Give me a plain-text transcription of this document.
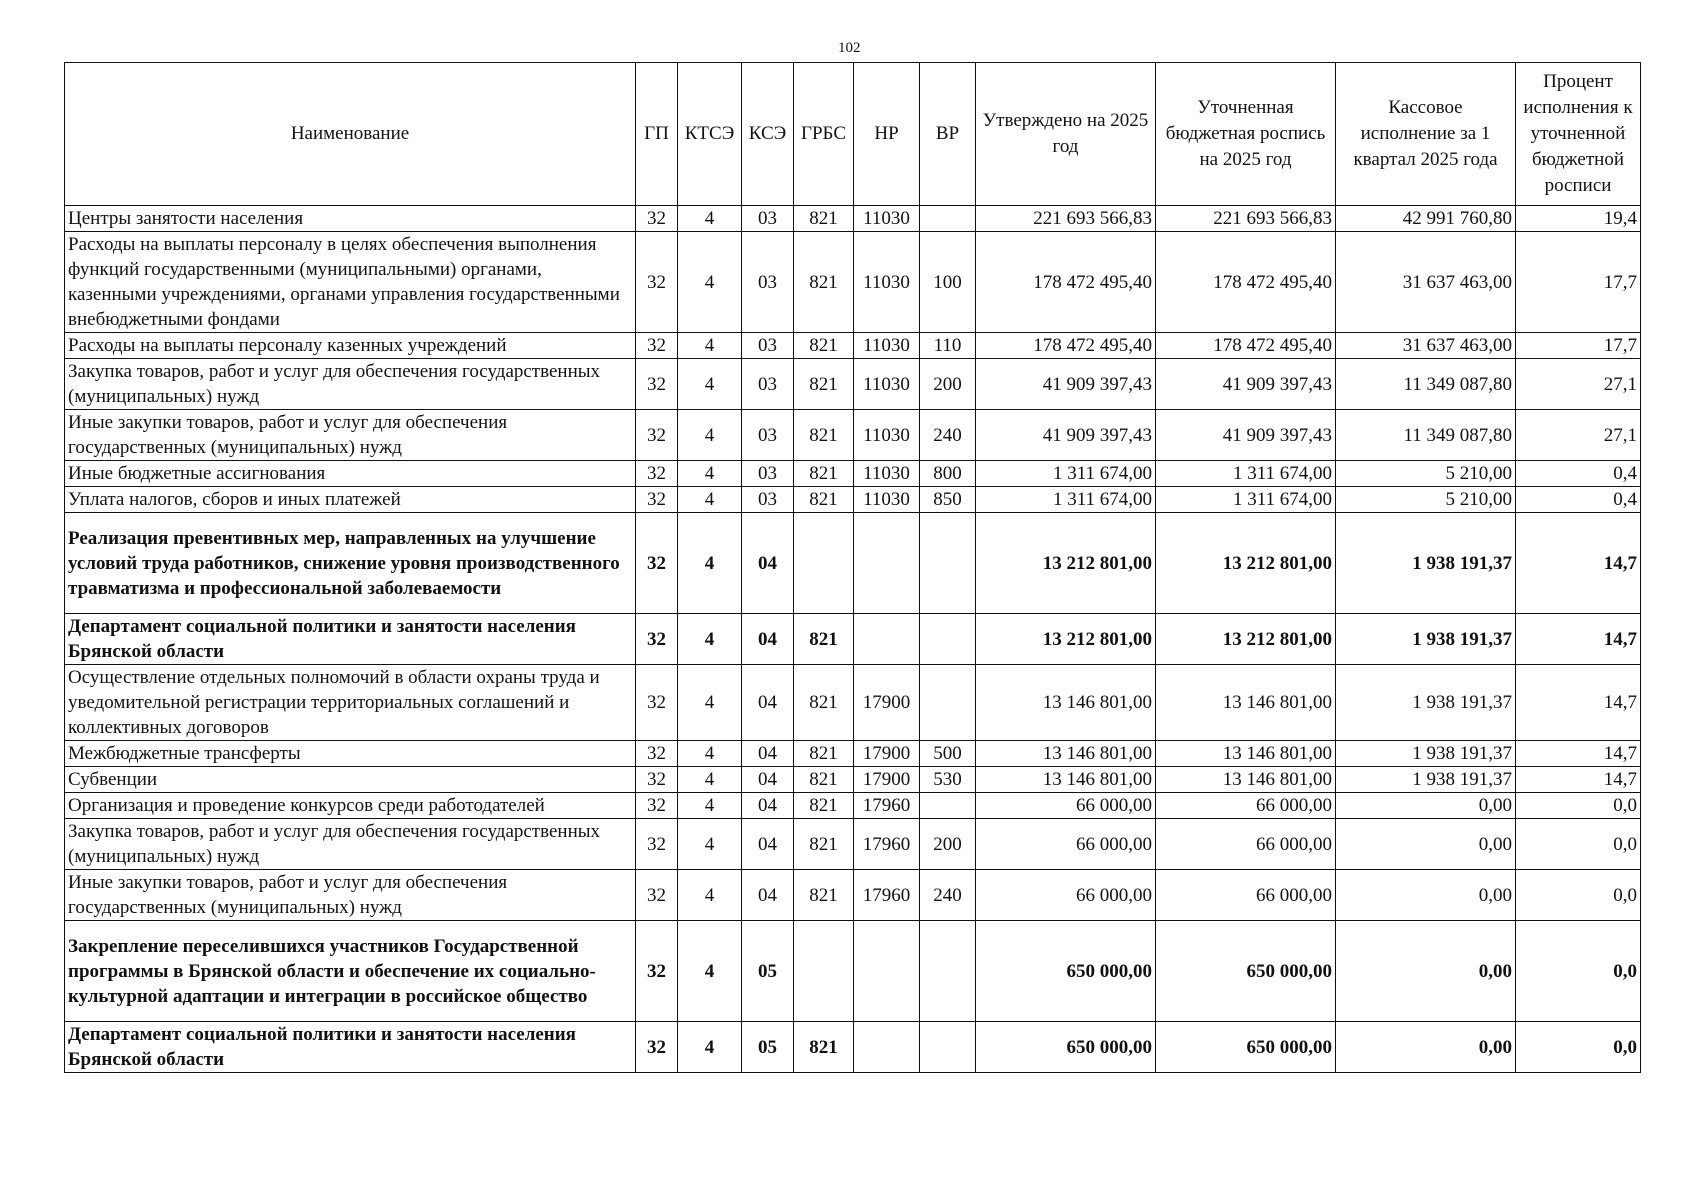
102
Наименование	ГП	КТСЭ	КСЭ	ГРБС	НР	ВР	Утверждено на 2025 год	Уточненная бюджетная роспись на 2025 год	Кассовое исполнение за 1 квартал 2025 года	Процент исполнения к уточненной бюджетной росписи
Центры занятости населения	32	4	03	821	11030		221 693 566,83	221 693 566,83	42 991 760,80	19,4
Расходы на выплаты персоналу в целях обеспечения выполнения функций государственными (муниципальными) органами, казенными учреждениями, органами управления государственными внебюджетными фондами	32	4	03	821	11030	100	178 472 495,40	178 472 495,40	31 637 463,00	17,7
Расходы на выплаты персоналу казенных учреждений	32	4	03	821	11030	110	178 472 495,40	178 472 495,40	31 637 463,00	17,7
Закупка товаров, работ и услуг для обеспечения государственных (муниципальных) нужд	32	4	03	821	11030	200	41 909 397,43	41 909 397,43	11 349 087,80	27,1
Иные закупки товаров, работ и услуг для обеспечения государственных (муниципальных) нужд	32	4	03	821	11030	240	41 909 397,43	41 909 397,43	11 349 087,80	27,1
Иные бюджетные ассигнования	32	4	03	821	11030	800	1 311 674,00	1 311 674,00	5 210,00	0,4
Уплата налогов, сборов и иных платежей	32	4	03	821	11030	850	1 311 674,00	1 311 674,00	5 210,00	0,4
Реализация превентивных мер, направленных на улучшение условий труда работников, снижение уровня производственного травматизма и профессиональной заболеваемости	32	4	04				13 212 801,00	13 212 801,00	1 938 191,37	14,7
Департамент социальной политики и занятости населения Брянской области	32	4	04	821			13 212 801,00	13 212 801,00	1 938 191,37	14,7
Осуществление отдельных полномочий в области охраны труда и уведомительной регистрации территориальных соглашений и коллективных договоров	32	4	04	821	17900		13 146 801,00	13 146 801,00	1 938 191,37	14,7
Межбюджетные трансферты	32	4	04	821	17900	500	13 146 801,00	13 146 801,00	1 938 191,37	14,7
Субвенции	32	4	04	821	17900	530	13 146 801,00	13 146 801,00	1 938 191,37	14,7
Организация и проведение конкурсов среди работодателей	32	4	04	821	17960		66 000,00	66 000,00	0,00	0,0
Закупка товаров, работ и услуг для обеспечения государственных (муниципальных) нужд	32	4	04	821	17960	200	66 000,00	66 000,00	0,00	0,0
Иные закупки товаров, работ и услуг для обеспечения государственных (муниципальных) нужд	32	4	04	821	17960	240	66 000,00	66 000,00	0,00	0,0
Закрепление переселившихся участников Государственной программы в Брянской области и обеспечение их социально-культурной адаптации и интеграции в российское общество	32	4	05				650 000,00	650 000,00	0,00	0,0
Департамент социальной политики и занятости населения Брянской области	32	4	05	821			650 000,00	650 000,00	0,00	0,0
